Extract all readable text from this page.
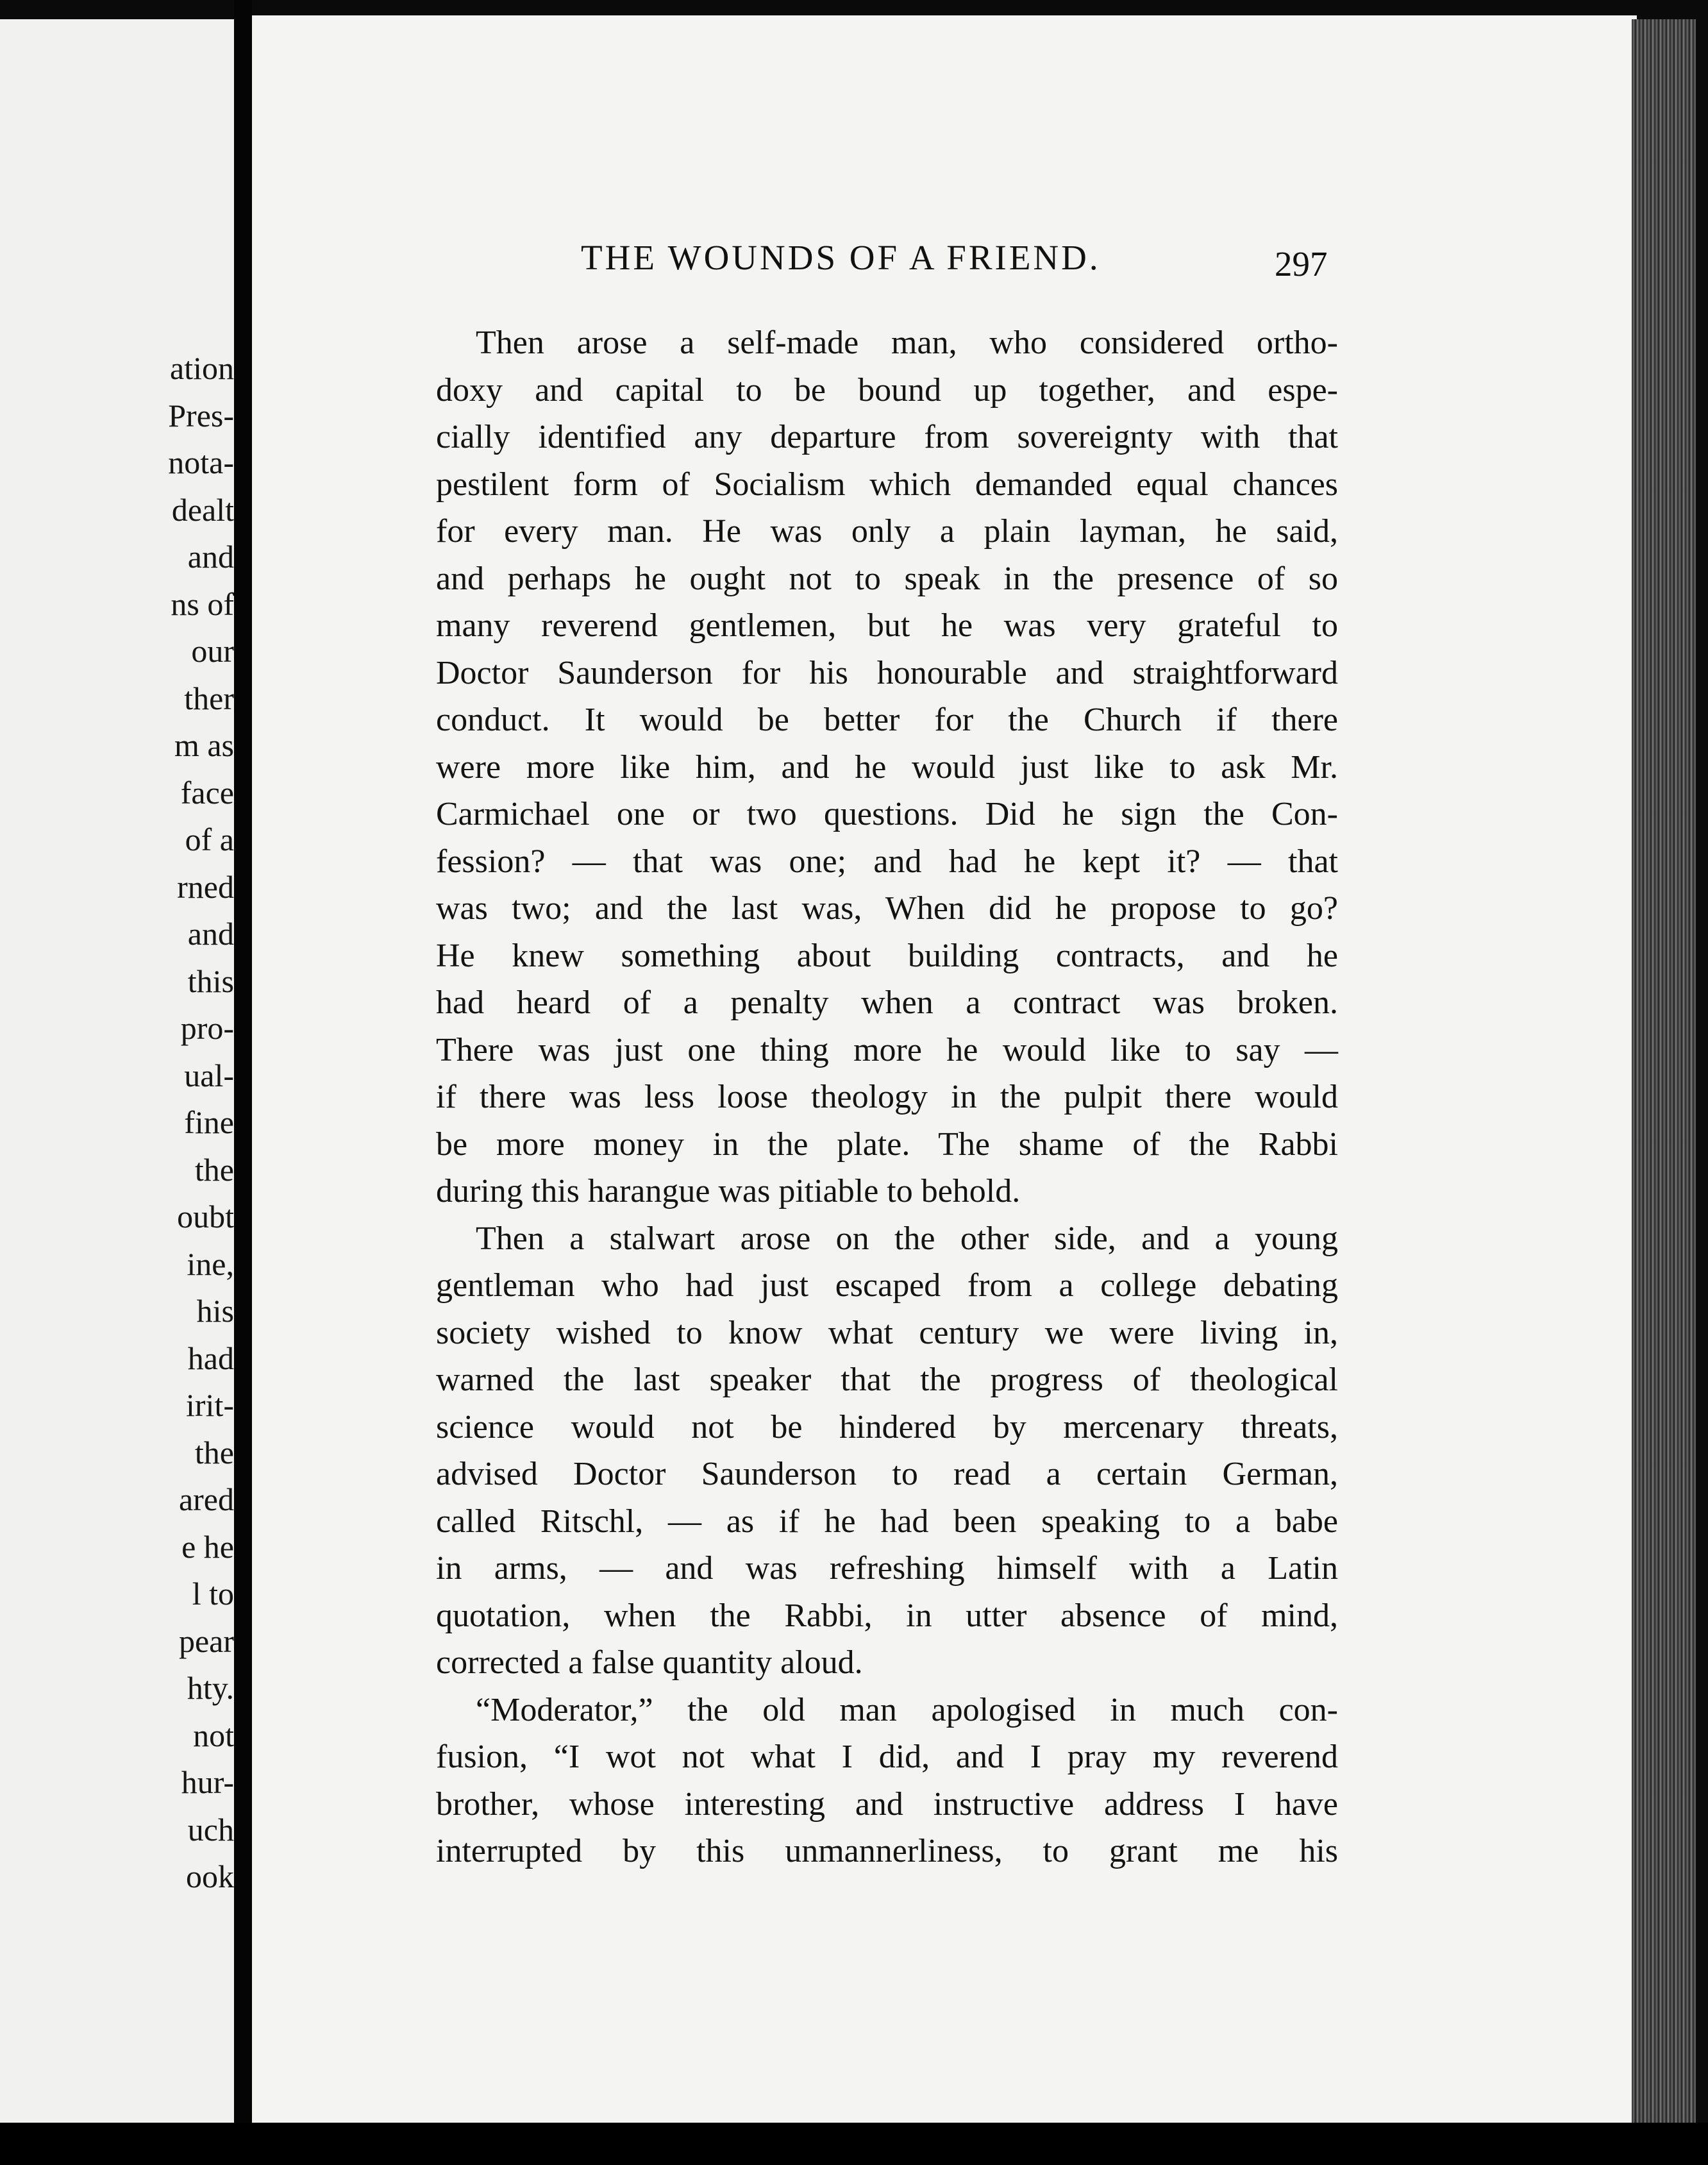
ation
Pres-
nota-
dealt
and
ns of
our
ther
m as
face
of a
rned
and
this
pro-
ual-
fine
the
oubt
ine,
his
had
irit-
the
ared
e he
l to
pear
hty.
not
hur-
uch
ook
THE WOUNDS OF A FRIEND.	297
Then arose a self-made man, who considered ortho-
doxy and capital to be bound up together, and espe-
cially identified any departure from sovereignty with that
pestilent form of Socialism which demanded equal chances
for every man. He was only a plain layman, he said,
and perhaps he ought not to speak in the presence of so
many reverend gentlemen, but he was very grateful to
Doctor Saunderson for his honourable and straightforward
conduct. It would be better for the Church if there
were more like him, and he would just like to ask Mr.
Carmichael one or two questions. Did he sign the Con-
fession? — that was one; and had he kept it? — that
was two; and the last was, When did he propose to go?
He knew something about building contracts, and he
had heard of a penalty when a contract was broken.
There was just one thing more he would like to say —
if there was less loose theology in the pulpit there would
be more money in the plate. The shame of the Rabbi
during this harangue was pitiable to behold.
Then a stalwart arose on the other side, and a young
gentleman who had just escaped from a college debating
society wished to know what century we were living in,
warned the last speaker that the progress of theological
science would not be hindered by mercenary threats,
advised Doctor Saunderson to read a certain German,
called Ritschl, — as if he had been speaking to a babe
in arms, — and was refreshing himself with a Latin
quotation, when the Rabbi, in utter absence of mind,
corrected a false quantity aloud.
“Moderator,” the old man apologised in much con-
fusion, “I wot not what I did, and I pray my reverend
brother, whose interesting and instructive address I have
interrupted by this unmannerliness, to grant me his
